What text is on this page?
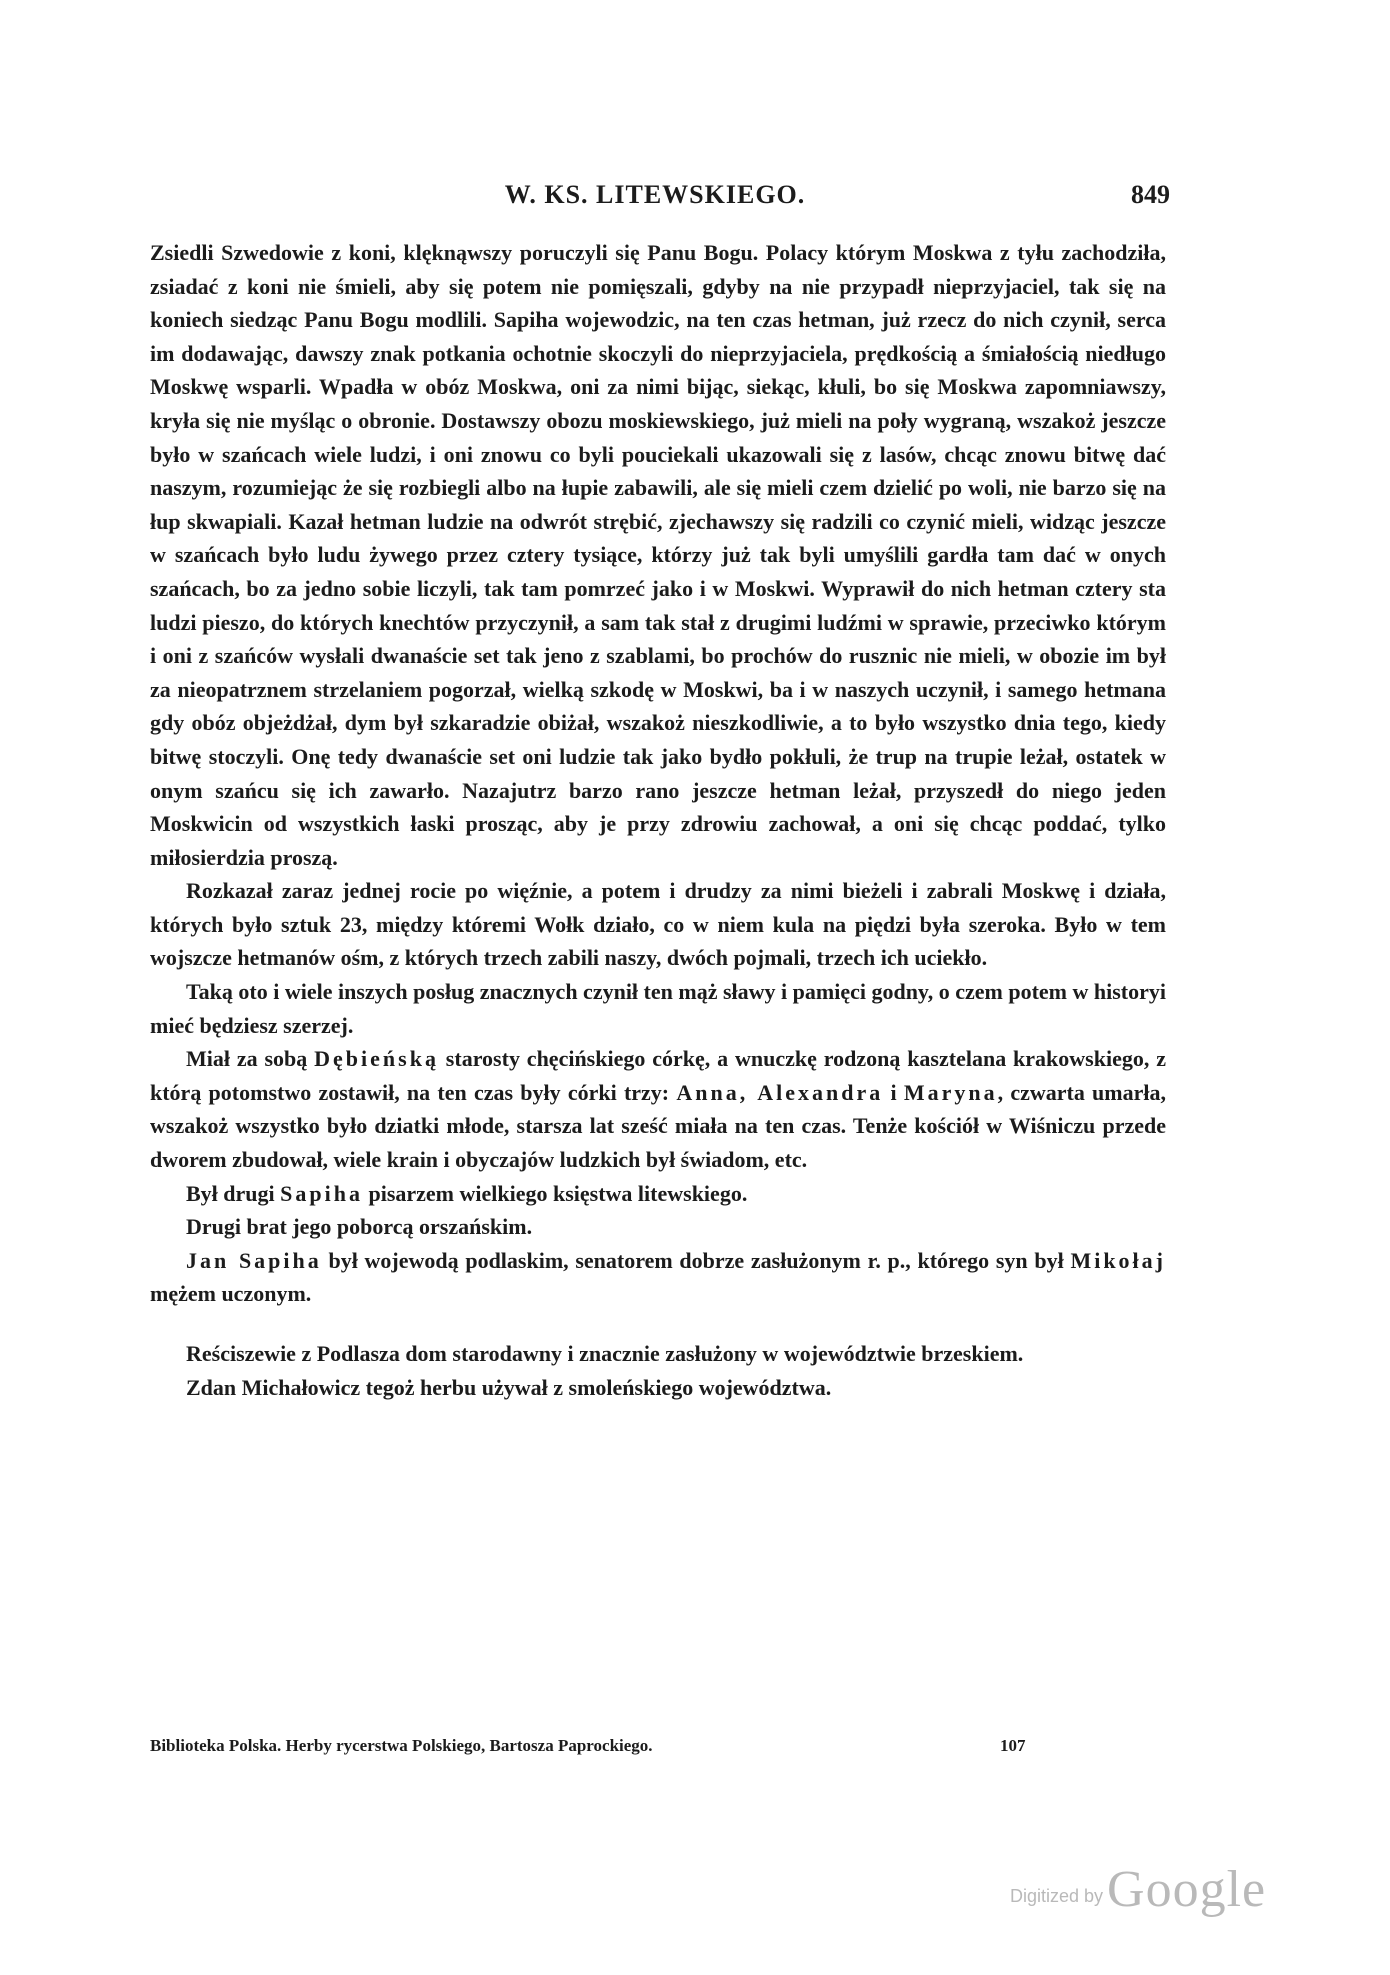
W. KS. LITEWSKIEGO.	849

Zsiedli Szwedowie z koni, klęknąwszy poruczyli się Panu Bogu. Polacy którym Moskwa z tyłu zachodziła, zsiadać z koni nie śmieli, aby się potem nie pomięszali, gdyby na nie przypadł nieprzyjaciel, tak się na koniech siedząc Panu Bogu modlili. Sapiha wojewodzic, na ten czas hetman, już rzecz do nich czynił, serca im dodawając, dawszy znak potkania ochotnie skoczyli do nieprzyjaciela, prędkością a śmiałością niedługo Moskwę wsparli. Wpadła w obóz Moskwa, oni za nimi bijąc, siekąc, kłuli, bo się Moskwa zapomniawszy, kryła się nie myśląc o obronie. Dostawszy obozu moskiewskiego, już mieli na poły wygraną, wszakoż jeszcze było w szańcach wiele ludzi, i oni znowu co byli pouciekali ukazowali się z lasów, chcąc znowu bitwę dać naszym, rozumiejąc że się rozbiegli albo na łupie zabawili, ale się mieli czem dzielić po woli, nie barzo się na łup skwapiali. Kazał hetman ludzie na odwrót strębić, zjechawszy się radzili co czynić mieli, widząc jeszcze w szańcach było ludu żywego przez cztery tysiące, którzy już tak byli umyślili gardła tam dać w onych szańcach, bo za jedno sobie liczyli, tak tam pomrzeć jako i w Moskwi. Wyprawił do nich hetman cztery sta ludzi pieszo, do których knechtów przyczynił, a sam tak stał z drugimi ludźmi w sprawie, przeciwko którym i oni z szańców wysłali dwanaście set tak jeno z szablami, bo prochów do rusznic nie mieli, w obozie im był za nieopatrznem strzelaniem pogorzał, wielką szkodę w Moskwi, ba i w naszych uczynił, i samego hetmana gdy obóz objeżdżał, dym był szkaradzie obiżał, wszakoż nieszkodliwie, a to było wszystko dnia tego, kiedy bitwę stoczyli. Onę tedy dwanaście set oni ludzie tak jako bydło pokłuli, że trup na trupie leżał, ostatek w onym szańcu się ich zawarło. Nazajutrz barzo rano jeszcze hetman leżał, przyszedł do niego jeden Moskwicin od wszystkich łaski prosząc, aby je przy zdrowiu zachował, a oni się chcąc poddać, tylko miłosierdzia proszą.

Rozkazał zaraz jednej rocie po więźnie, a potem i drudzy za nimi bieżeli i zabrali Moskwę i działa, których było sztuk 23, między któremi Wołk działo, co w niem kula na piędzi była szeroka. Było w tem wojszcze hetmanów ośm, z których trzech zabili naszy, dwóch pojmali, trzech ich uciekło.

Taką oto i wiele inszych posług znacznych czynił ten mąż sławy i pamięci godny, o czem potem w historyi mieć będziesz szerzej.

Miał za sobą Dębieńską starosty chęcińskiego córkę, a wnuczkę rodzoną kasztelana krakowskiego, z którą potomstwo zostawił, na ten czas były córki trzy: Anna, Alexandra i Maryna, czwarta umarła, wszakoż wszystko było dziatki młode, starsza lat sześć miała na ten czas. Tenże kościół w Wiśniczu przede dworem zbudował, wiele krain i obyczajów ludzkich był świadom, etc.

Był drugi Sapiha pisarzem wielkiego księstwa litewskiego.

Drugi brat jego poborcą orszańskim.

Jan Sapiha był wojewodą podlaskim, senatorem dobrze zasłużonym r. p., którego syn był Mikołaj mężem uczonym.

Reściszewie z Podlasza dom starodawny i znacznie zasłużony w województwie brzeskiem.

Zdan Michałowicz tegoż herbu używał z smoleńskiego województwa.

Biblioteka Polska. Herby rycerstwa Polskiego, Bartosza Paprockiego.	107
Digitized by Google
